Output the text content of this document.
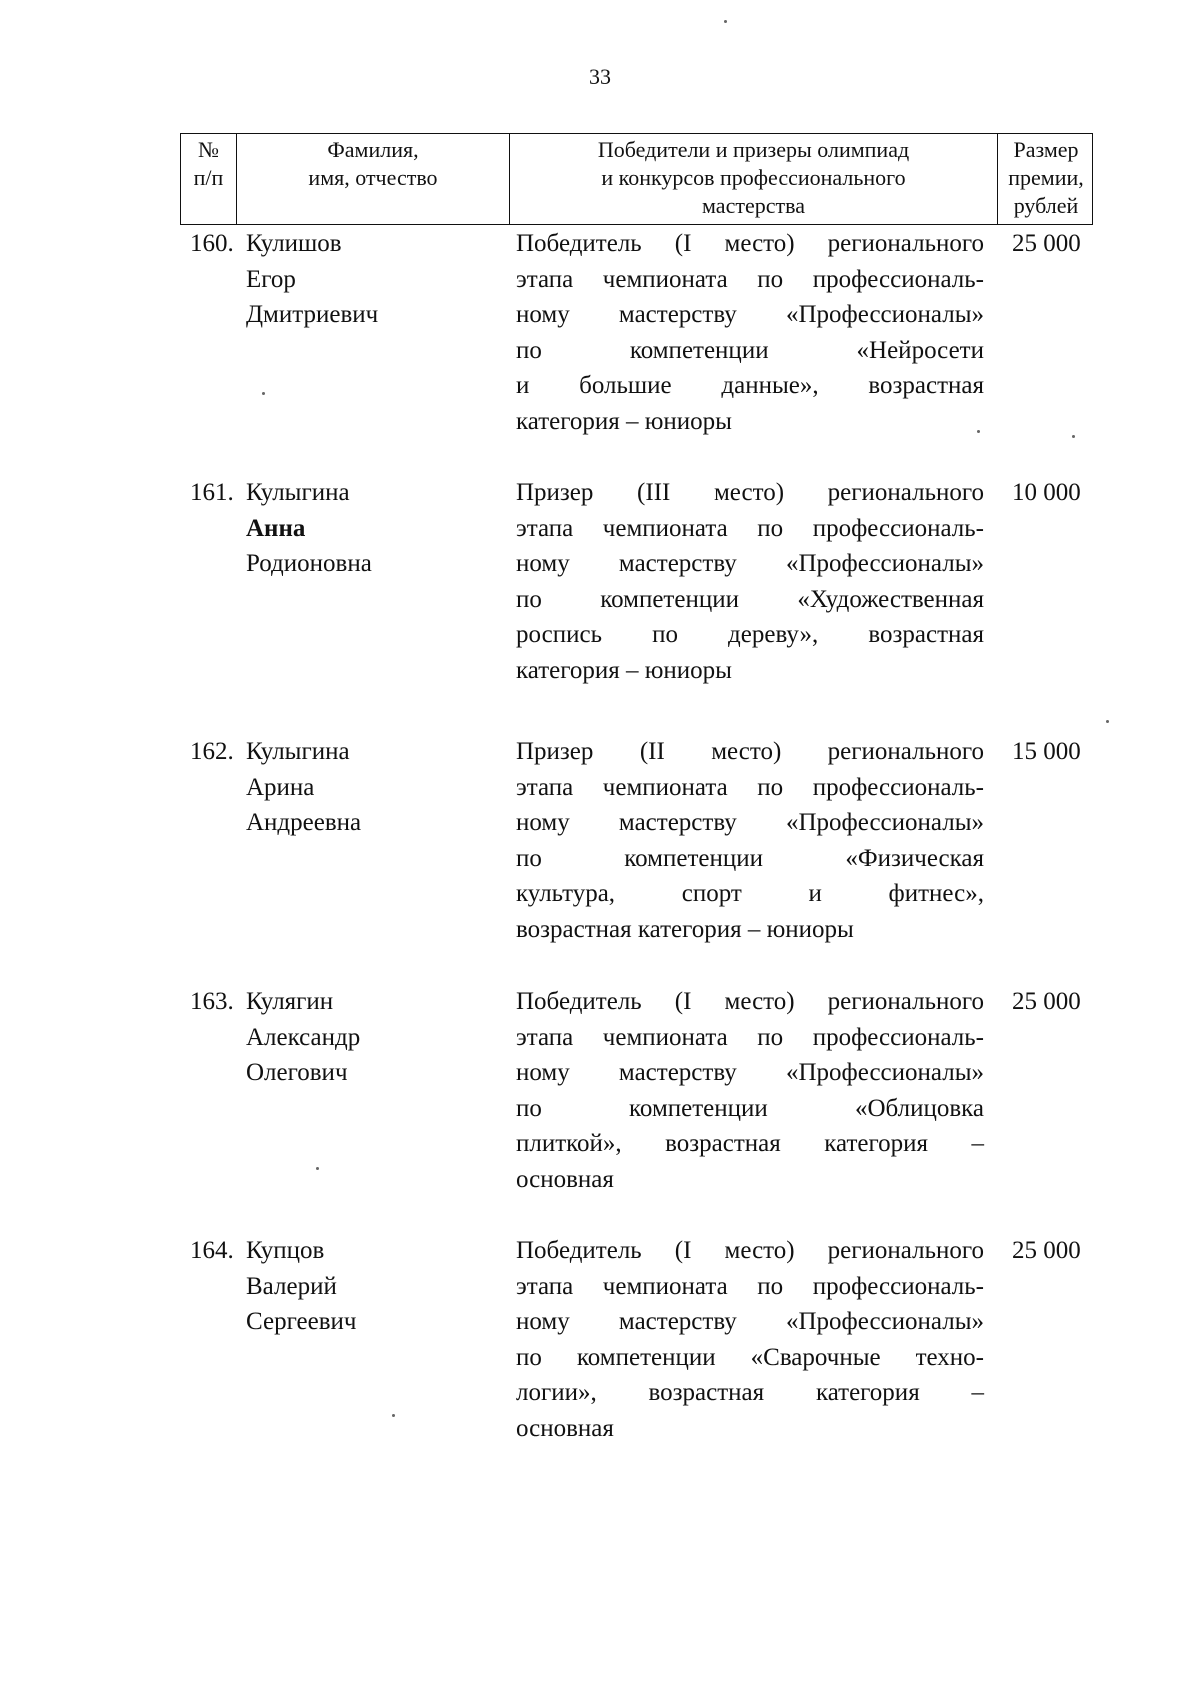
33
№
п/п
Фамилия,
имя, отчество
Победители и призеры олимпиад
и конкурсов профессионального
мастерства
Размер
премии,
рублей
160. Кулишов
Егор
Дмитриевич
Победитель (I место) регионального
этапа чемпионата по профессиональ-
ному мастерству «Профессионалы»
по компетенции «Нейросети
и большие данные», возрастная
категория – юниоры
25 000
161. Кулыгина
Анна
Родионовна
Призер (III место) регионального
этапа чемпионата по профессиональ-
ному мастерству «Профессионалы»
по компетенции «Художественная
роспись по дереву», возрастная
категория – юниоры
10 000
162. Кулыгина
Арина
Андреевна
Призер (II место) регионального
этапа чемпионата по профессиональ-
ному мастерству «Профессионалы»
по компетенции «Физическая
культура, спорт и фитнес»,
возрастная категория – юниоры
15 000
163. Кулягин
Александр
Олегович
Победитель (I место) регионального
этапа чемпионата по профессиональ-
ному мастерству «Профессионалы»
по компетенции «Облицовка
плиткой», возрастная категория –
основная
25 000
164. Купцов
Валерий
Сергеевич
Победитель (I место) регионального
этапа чемпионата по профессиональ-
ному мастерству «Профессионалы»
по компетенции «Сварочные техно-
логии», возрастная категория –
основная
25 000
